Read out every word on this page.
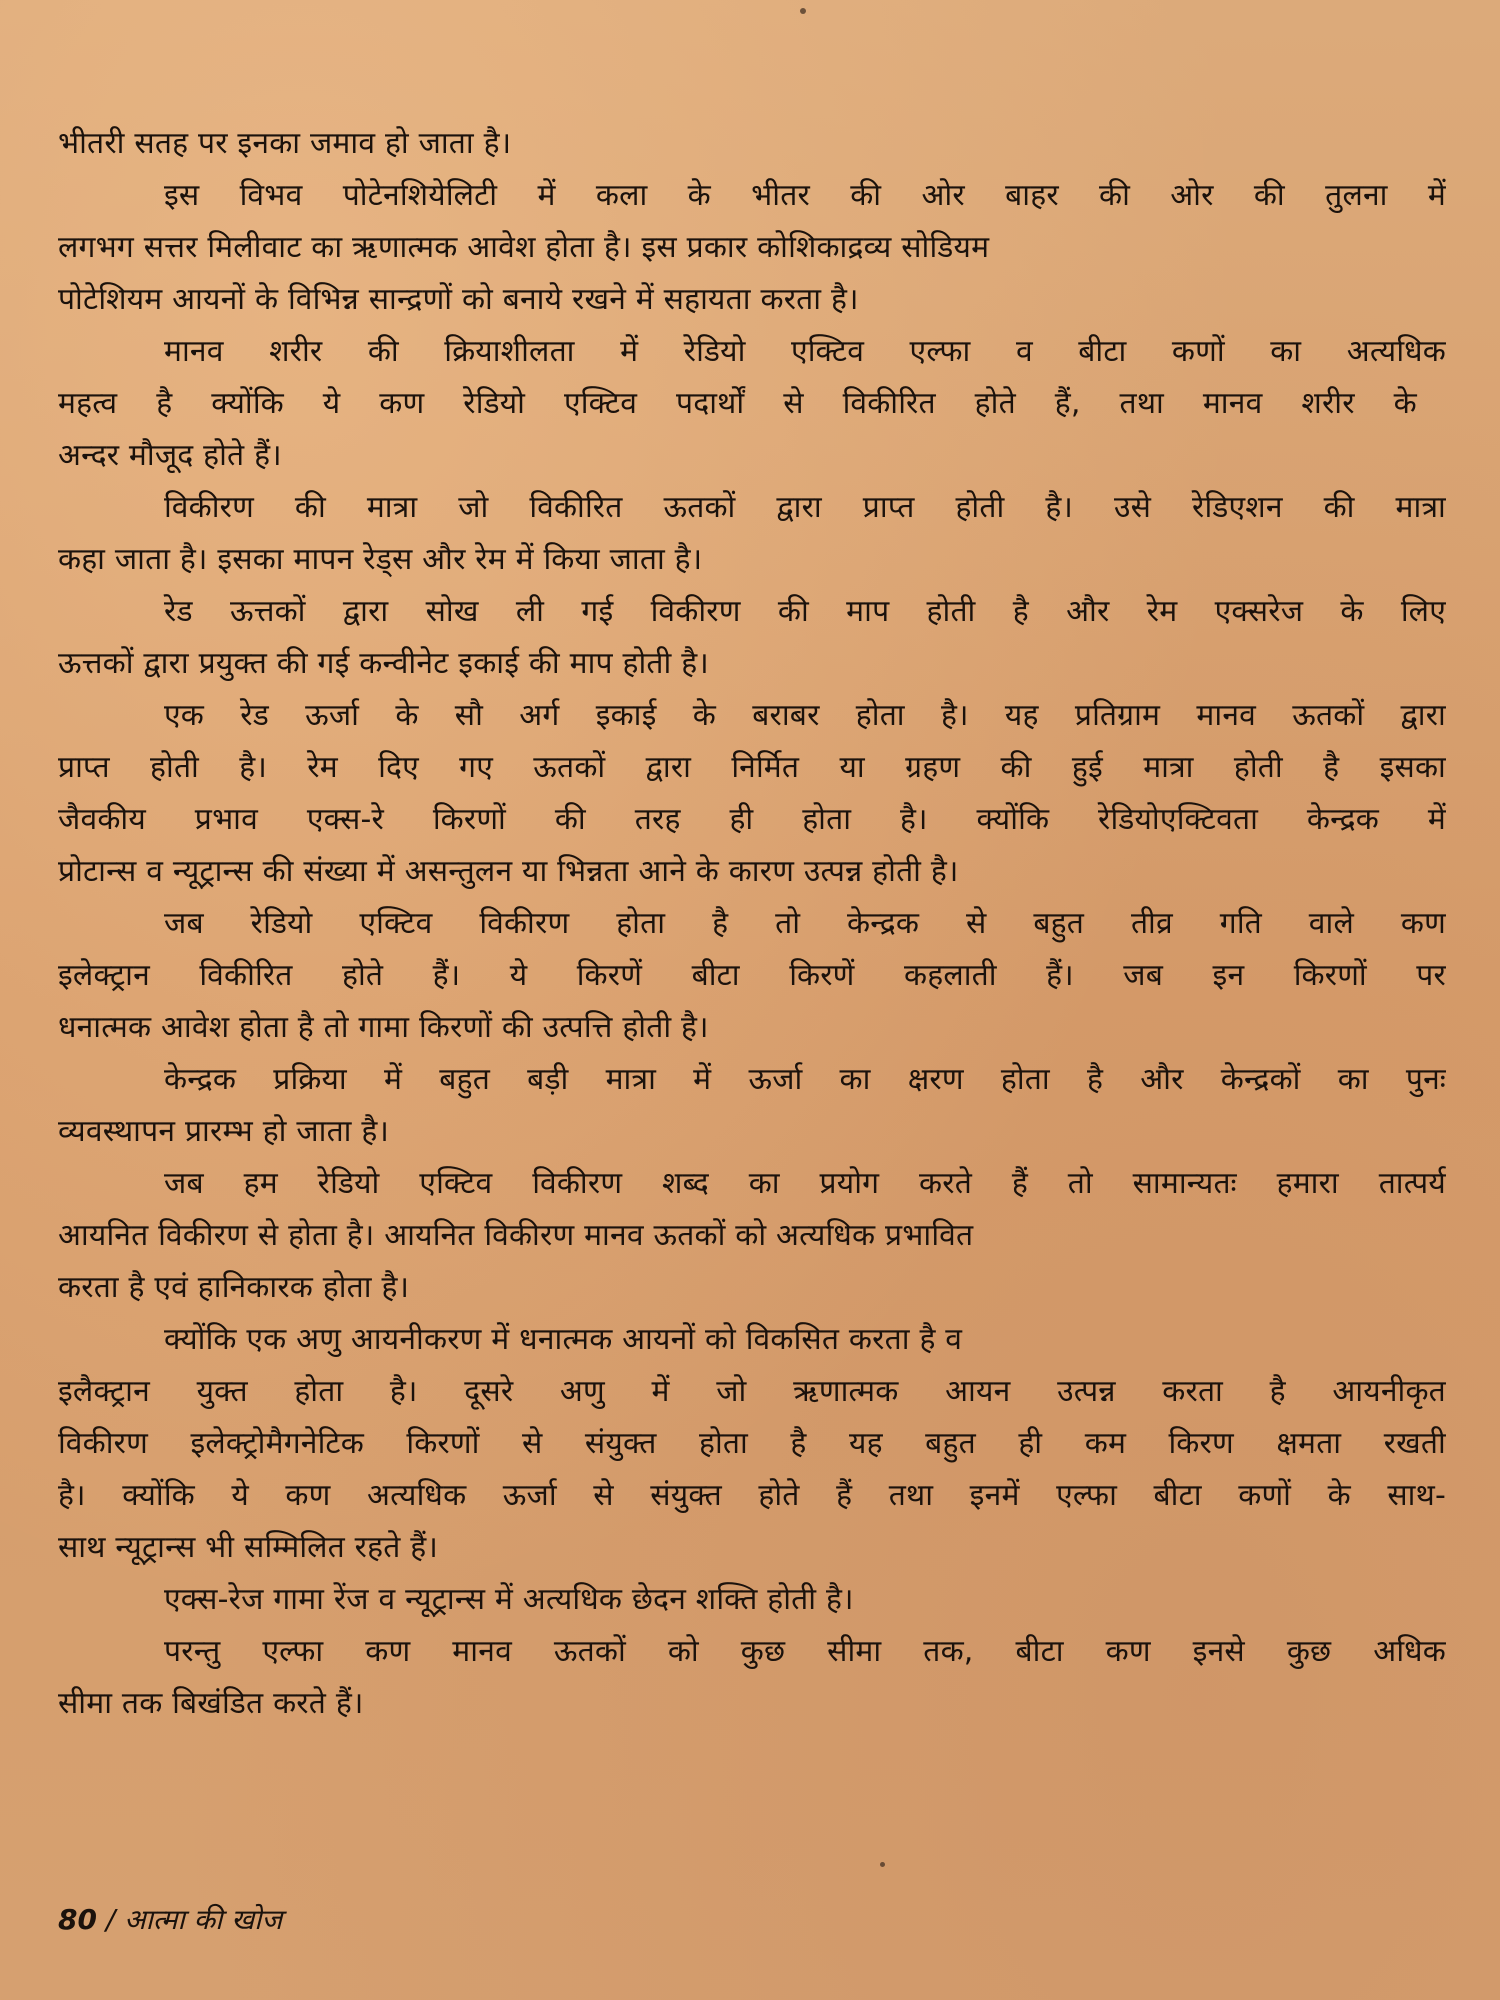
भीतरी सतह पर इनका जमाव हो जाता है।
इस विभव पोटेनशियेलिटी में कला के भीतर की ओर बाहर की ओर की तुलना में
लगभग सत्तर मिलीवाट का ऋणात्मक आवेश होता है। इस प्रकार कोशिकाद्रव्य सोडियम
पोटेशियम आयनों के विभिन्न सान्द्रणों को बनाये रखने में सहायता करता है।
मानव शरीर की क्रियाशीलता में रेडियो एक्टिव एल्फा व बीटा कणों का अत्यधिक
महत्व है क्योंकि ये कण रेडियो एक्टिव पदार्थों से विकीरित होते हैं, तथा मानव शरीर के
अन्दर मौजूद होते हैं।
विकीरण की मात्रा जो विकीरित ऊतकों द्वारा प्राप्त होती है। उसे रेडिएशन की मात्रा
कहा जाता है। इसका मापन रेड्स और रेम में किया जाता है।
रेड ऊत्तकों द्वारा सोख ली गई विकीरण की माप होती है और रेम एक्सरेज के लिए
ऊत्तकों द्वारा प्रयुक्त की गई कन्वीनेट इकाई की माप होती है।
एक रेड ऊर्जा के सौ अर्ग इकाई के बराबर होता है। यह प्रतिग्राम मानव ऊतकों द्वारा
प्राप्त होती है। रेम दिए गए ऊतकों द्वारा निर्मित या ग्रहण की हुई मात्रा होती है इसका
जैवकीय प्रभाव एक्स-रे किरणों की तरह ही होता है। क्योंकि रेडियोएक्टिवता केन्द्रक में
प्रोटान्स व न्यूट्रान्स की संख्या में असन्तुलन या भिन्नता आने के कारण उत्पन्न होती है।
जब रेडियो एक्टिव विकीरण होता है तो केन्द्रक से बहुत तीव्र गति वाले कण
इलेक्ट्रान विकीरित होते हैं। ये किरणें बीटा किरणें कहलाती हैं। जब इन किरणों पर
धनात्मक आवेश होता है तो गामा किरणों की उत्पत्ति होती है।
केन्द्रक प्रक्रिया में बहुत बड़ी मात्रा में ऊर्जा का क्षरण होता है और केन्द्रकों का पुनः
व्यवस्थापन प्रारम्भ हो जाता है।
जब हम रेडियो एक्टिव विकीरण शब्द का प्रयोग करते हैं तो सामान्यतः हमारा तात्पर्य
आयनित विकीरण से होता है। आयनित विकीरण मानव ऊतकों को अत्यधिक प्रभावित
करता है एवं हानिकारक होता है।
क्योंकि एक अणु आयनीकरण में धनात्मक आयनों को विकसित करता है व
इलैक्ट्रान युक्त होता है। दूसरे अणु में जो ऋणात्मक आयन उत्पन्न करता है आयनीकृत
विकीरण इलेक्ट्रोमैगनेटिक किरणों से संयुक्त होता है यह बहुत ही कम किरण क्षमता रखती
है। क्योंकि ये कण अत्यधिक ऊर्जा से संयुक्त होते हैं तथा इनमें एल्फा बीटा कणों के साथ-
साथ न्यूट्रान्स भी सम्मिलित रहते हैं।
एक्स-रेज गामा रेंज व न्यूट्रान्स में अत्यधिक छेदन शक्ति होती है।
परन्तु एल्फा कण मानव ऊतकों को कुछ सीमा तक, बीटा कण इनसे कुछ अधिक
सीमा तक बिखंडित करते हैं।
80 / आत्मा की खोज
